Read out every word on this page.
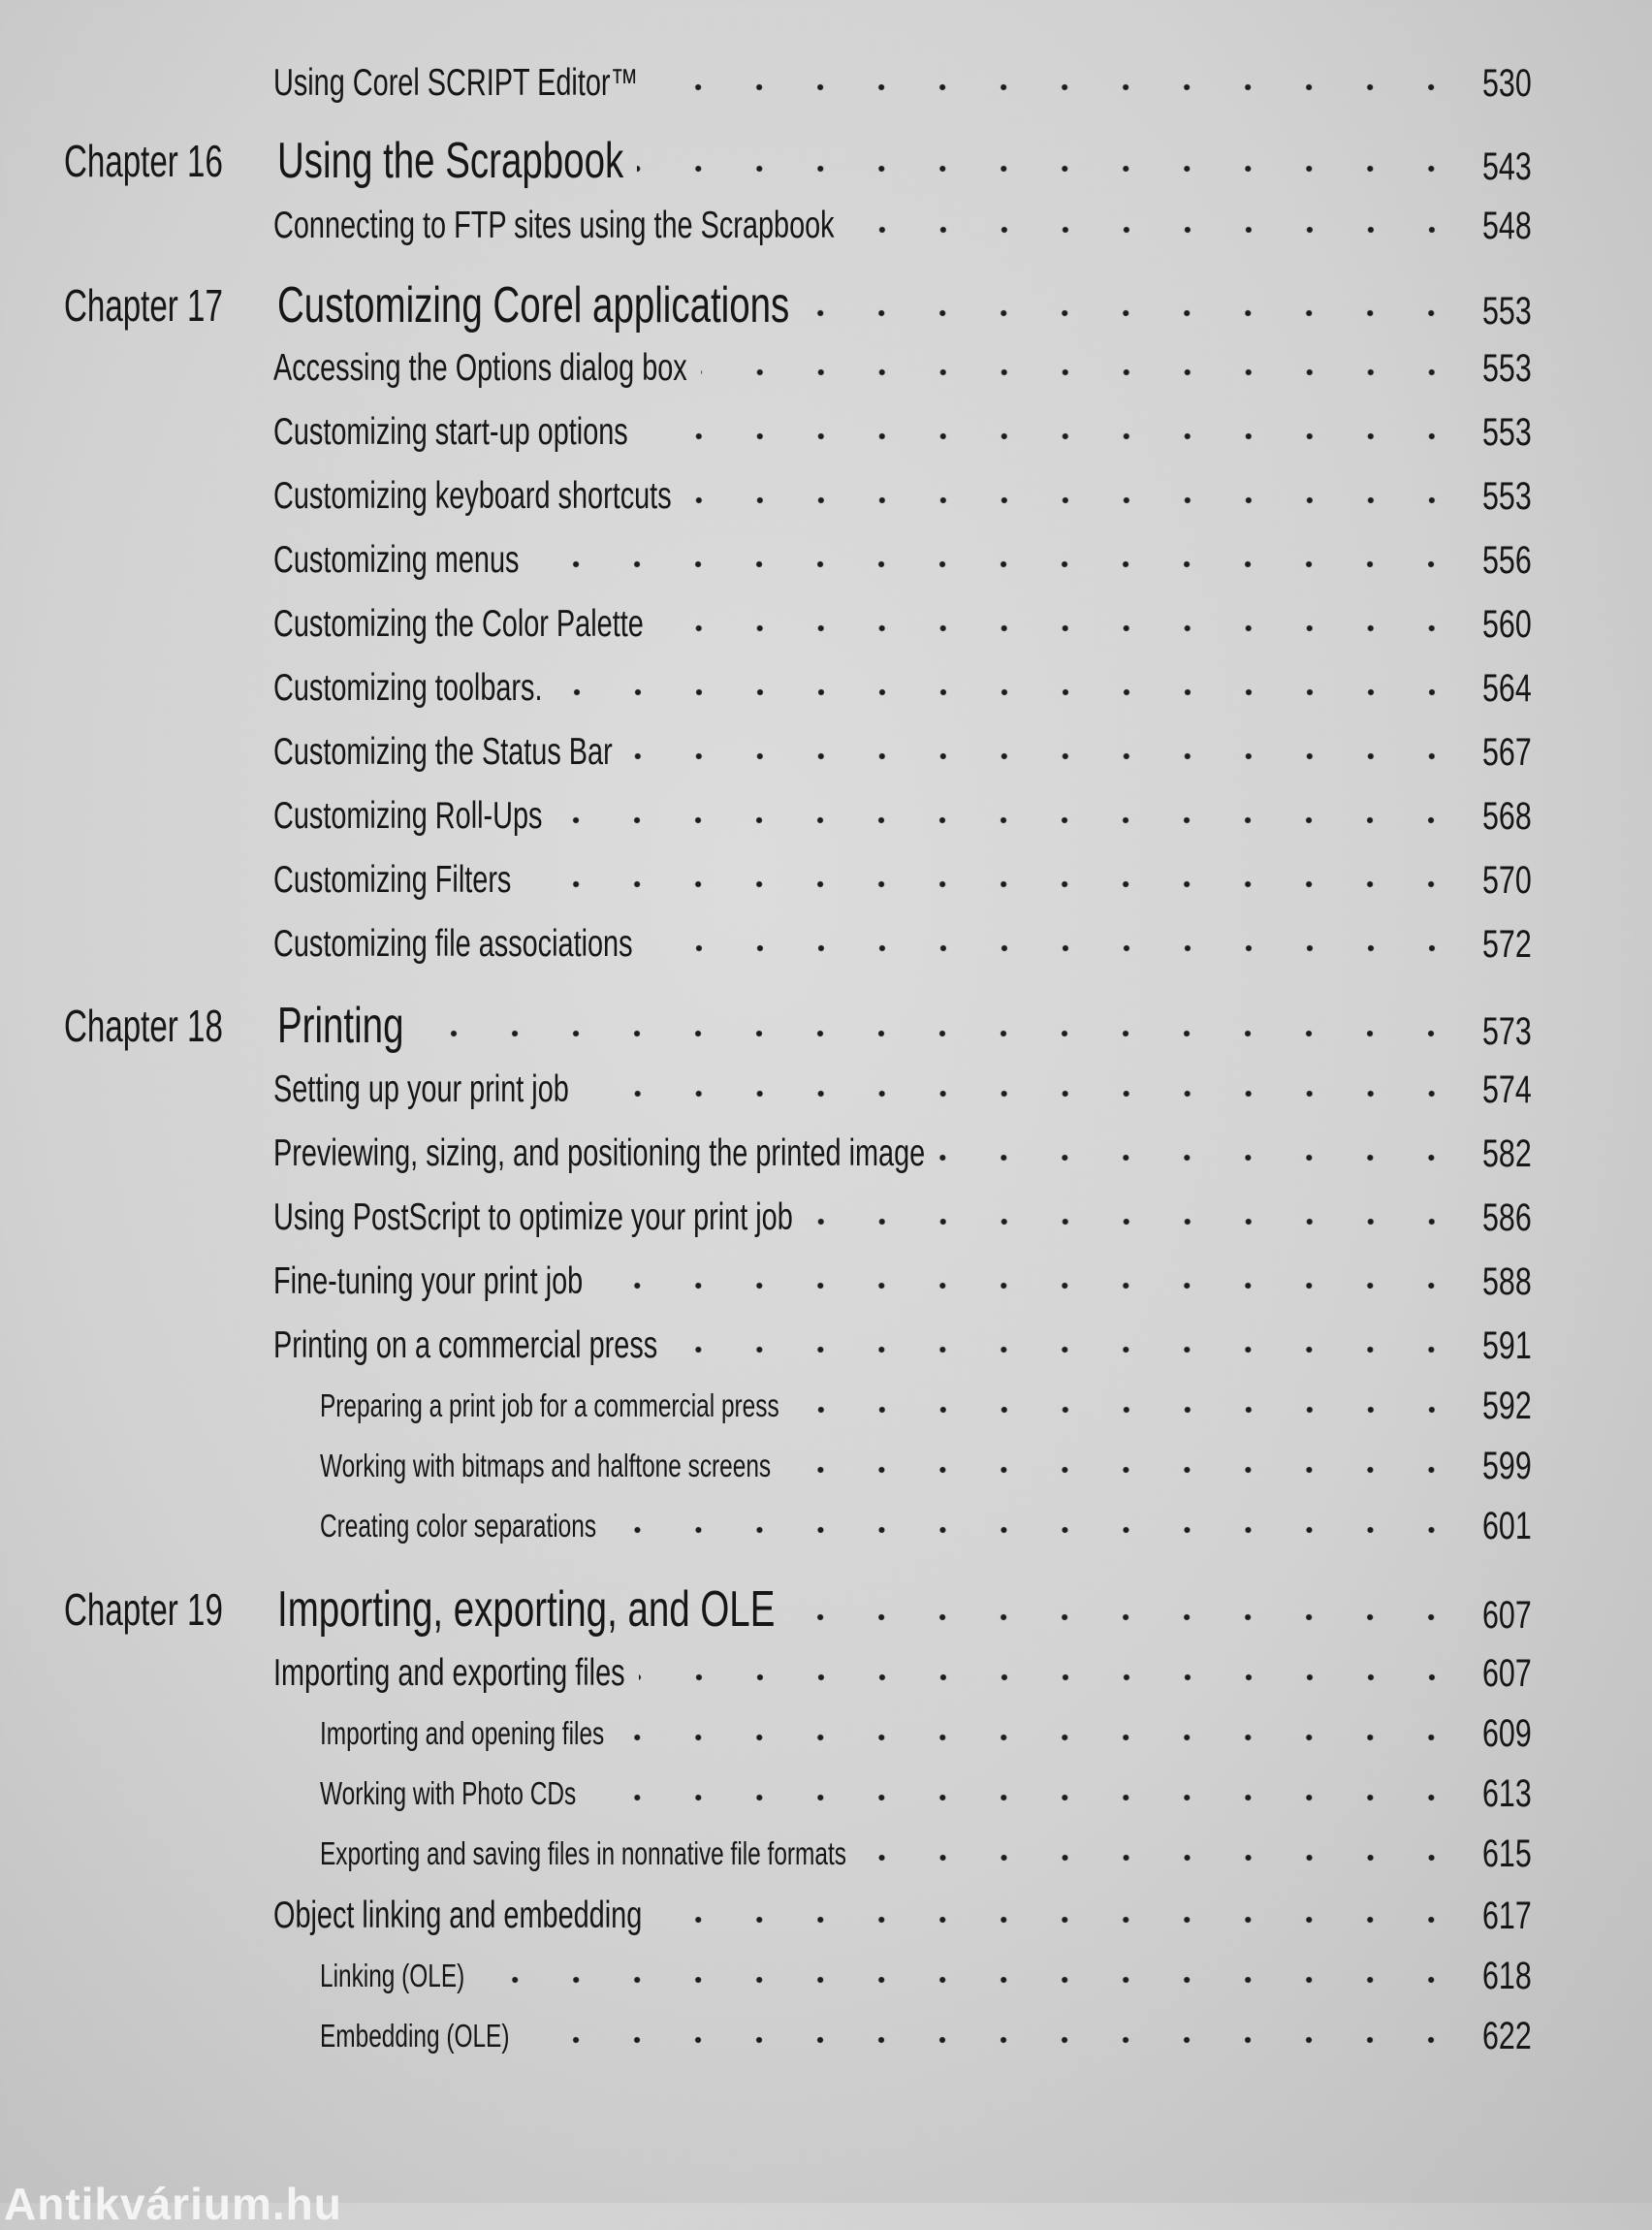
Using Corel SCRIPT Editor™	530
Chapter 16 Using the Scrapbook	543
Connecting to FTP sites using the Scrapbook	548
Chapter 17 Customizing Corel applications	553
Accessing the Options dialog box	553
Customizing start-up options	553
Customizing keyboard shortcuts	553
Customizing menus	556
Customizing the Color Palette	560
Customizing toolbars.	564
Customizing the Status Bar	567
Customizing Roll-Ups	568
Customizing Filters	570
Customizing file associations	572
Chapter 18 Printing	573
Setting up your print job	574
Previewing, sizing, and positioning the printed image	582
Using PostScript to optimize your print job	586
Fine-tuning your print job	588
Printing on a commercial press	591
Preparing a print job for a commercial press	592
Working with bitmaps and halftone screens	599
Creating color separations	601
Chapter 19 Importing, exporting, and OLE	607
Importing and exporting files	607
Importing and opening files	609
Working with Photo CDs	613
Exporting and saving files in nonnative file formats	615
Object linking and embedding	617
Linking (OLE)	618
Embedding (OLE)	622
Antikvárium.hu
